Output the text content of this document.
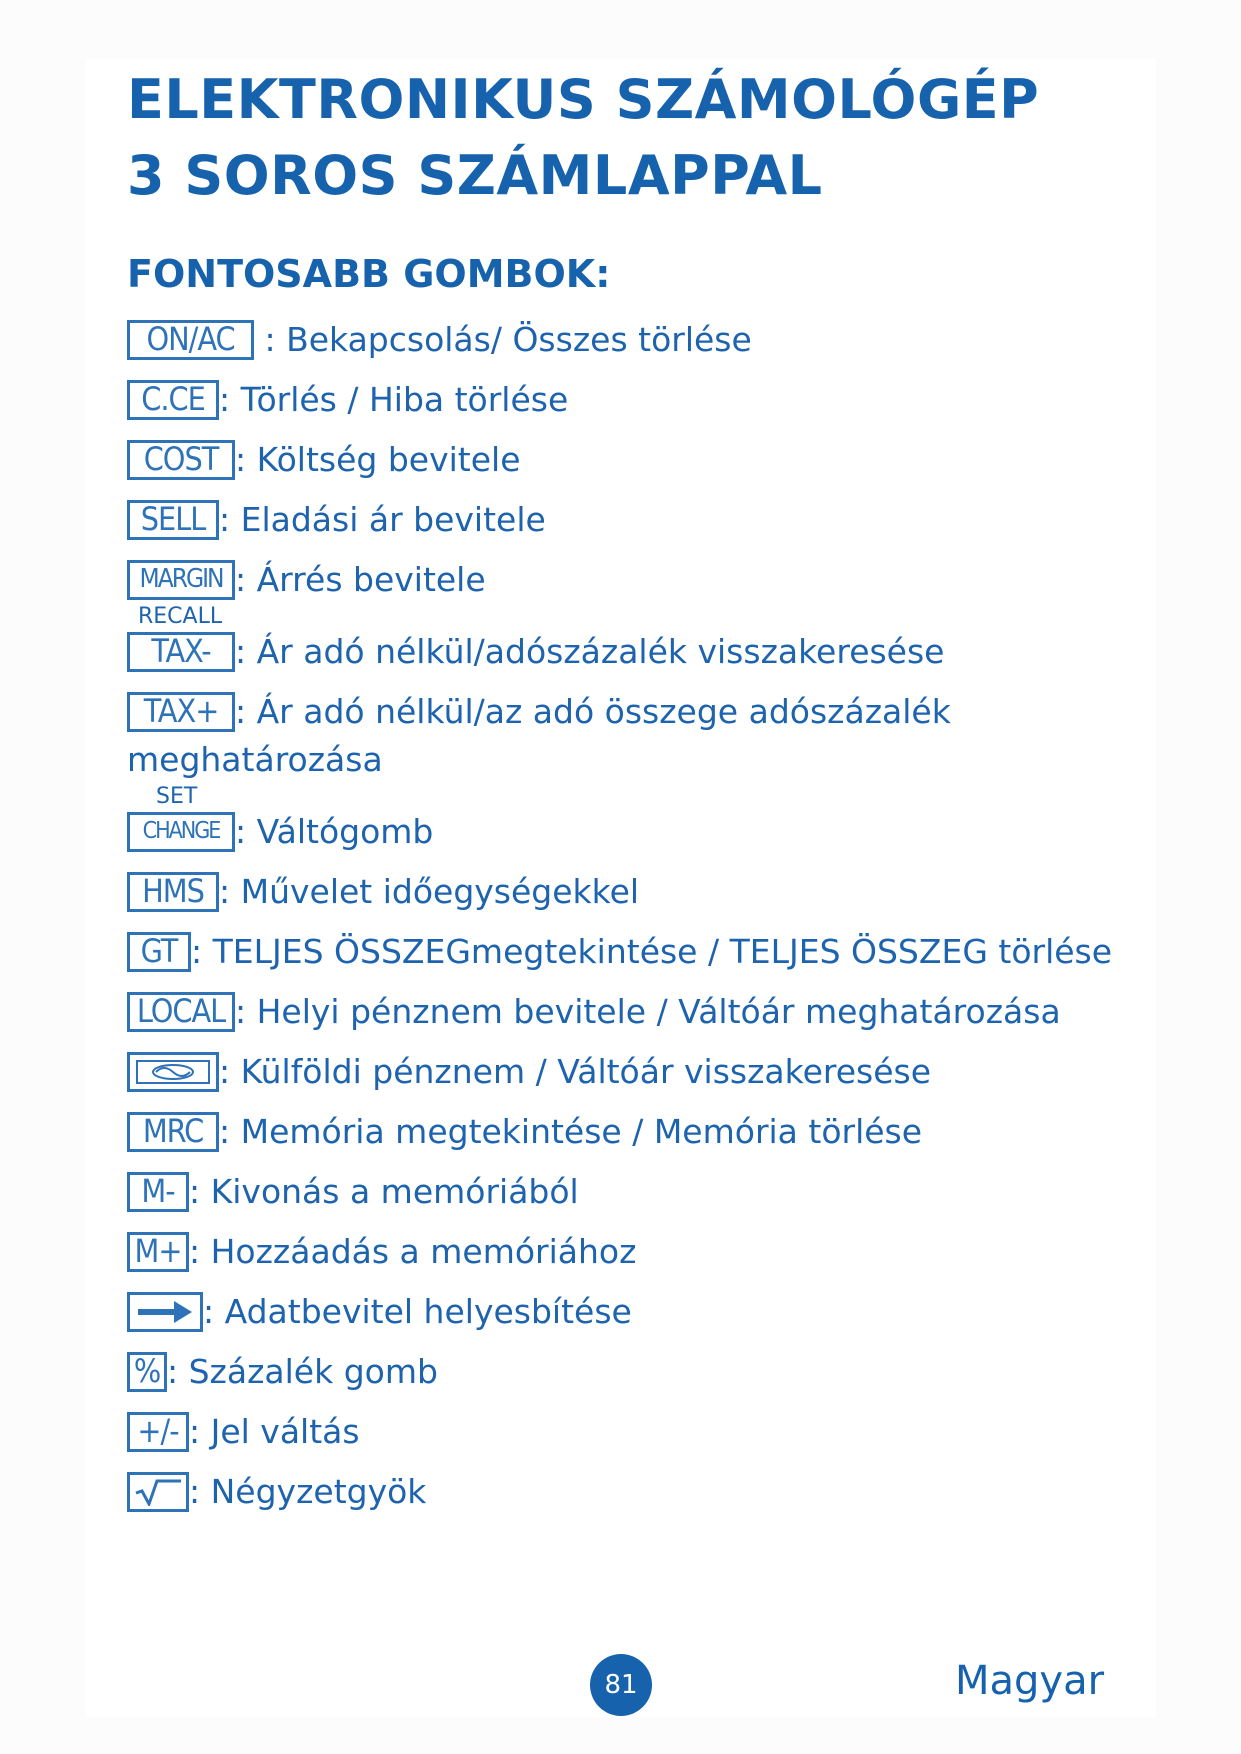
ELEKTRONIKUS SZÁMOLÓGÉP
3 SOROS SZÁMLAPPAL
FONTOSABB GOMBOK:
ON/AC : Bekapcsolás/ Összes törlése
C.CE : Törlés / Hiba törlése
COST : Költség bevitele
SELL : Eladási ár bevitele
MARGIN : Árrés bevitele
RECALL
TAX- : Ár adó nélkül/adószázalék visszakeresése
TAX+ : Ár adó nélkül/az adó összege adószázalék
meghatározása
SET
CHANGE : Váltógomb
HMS : Művelet időegységekkel
GT : TELJES ÖSSZEGmegtekintése / TELJES ÖSSZEG törlése
LOCAL : Helyi pénznem bevitele / Váltóár meghatározása
: Külföldi pénznem / Váltóár visszakeresése
MRC : Memória megtekintése / Memória törlése
M- : Kivonás a memóriából
M+ : Hozzáadás a memóriához
: Adatbevitel helyesbítése
% : Százalék gomb
+/- : Jel váltás
: Négyzetgyök
81	Magyar
